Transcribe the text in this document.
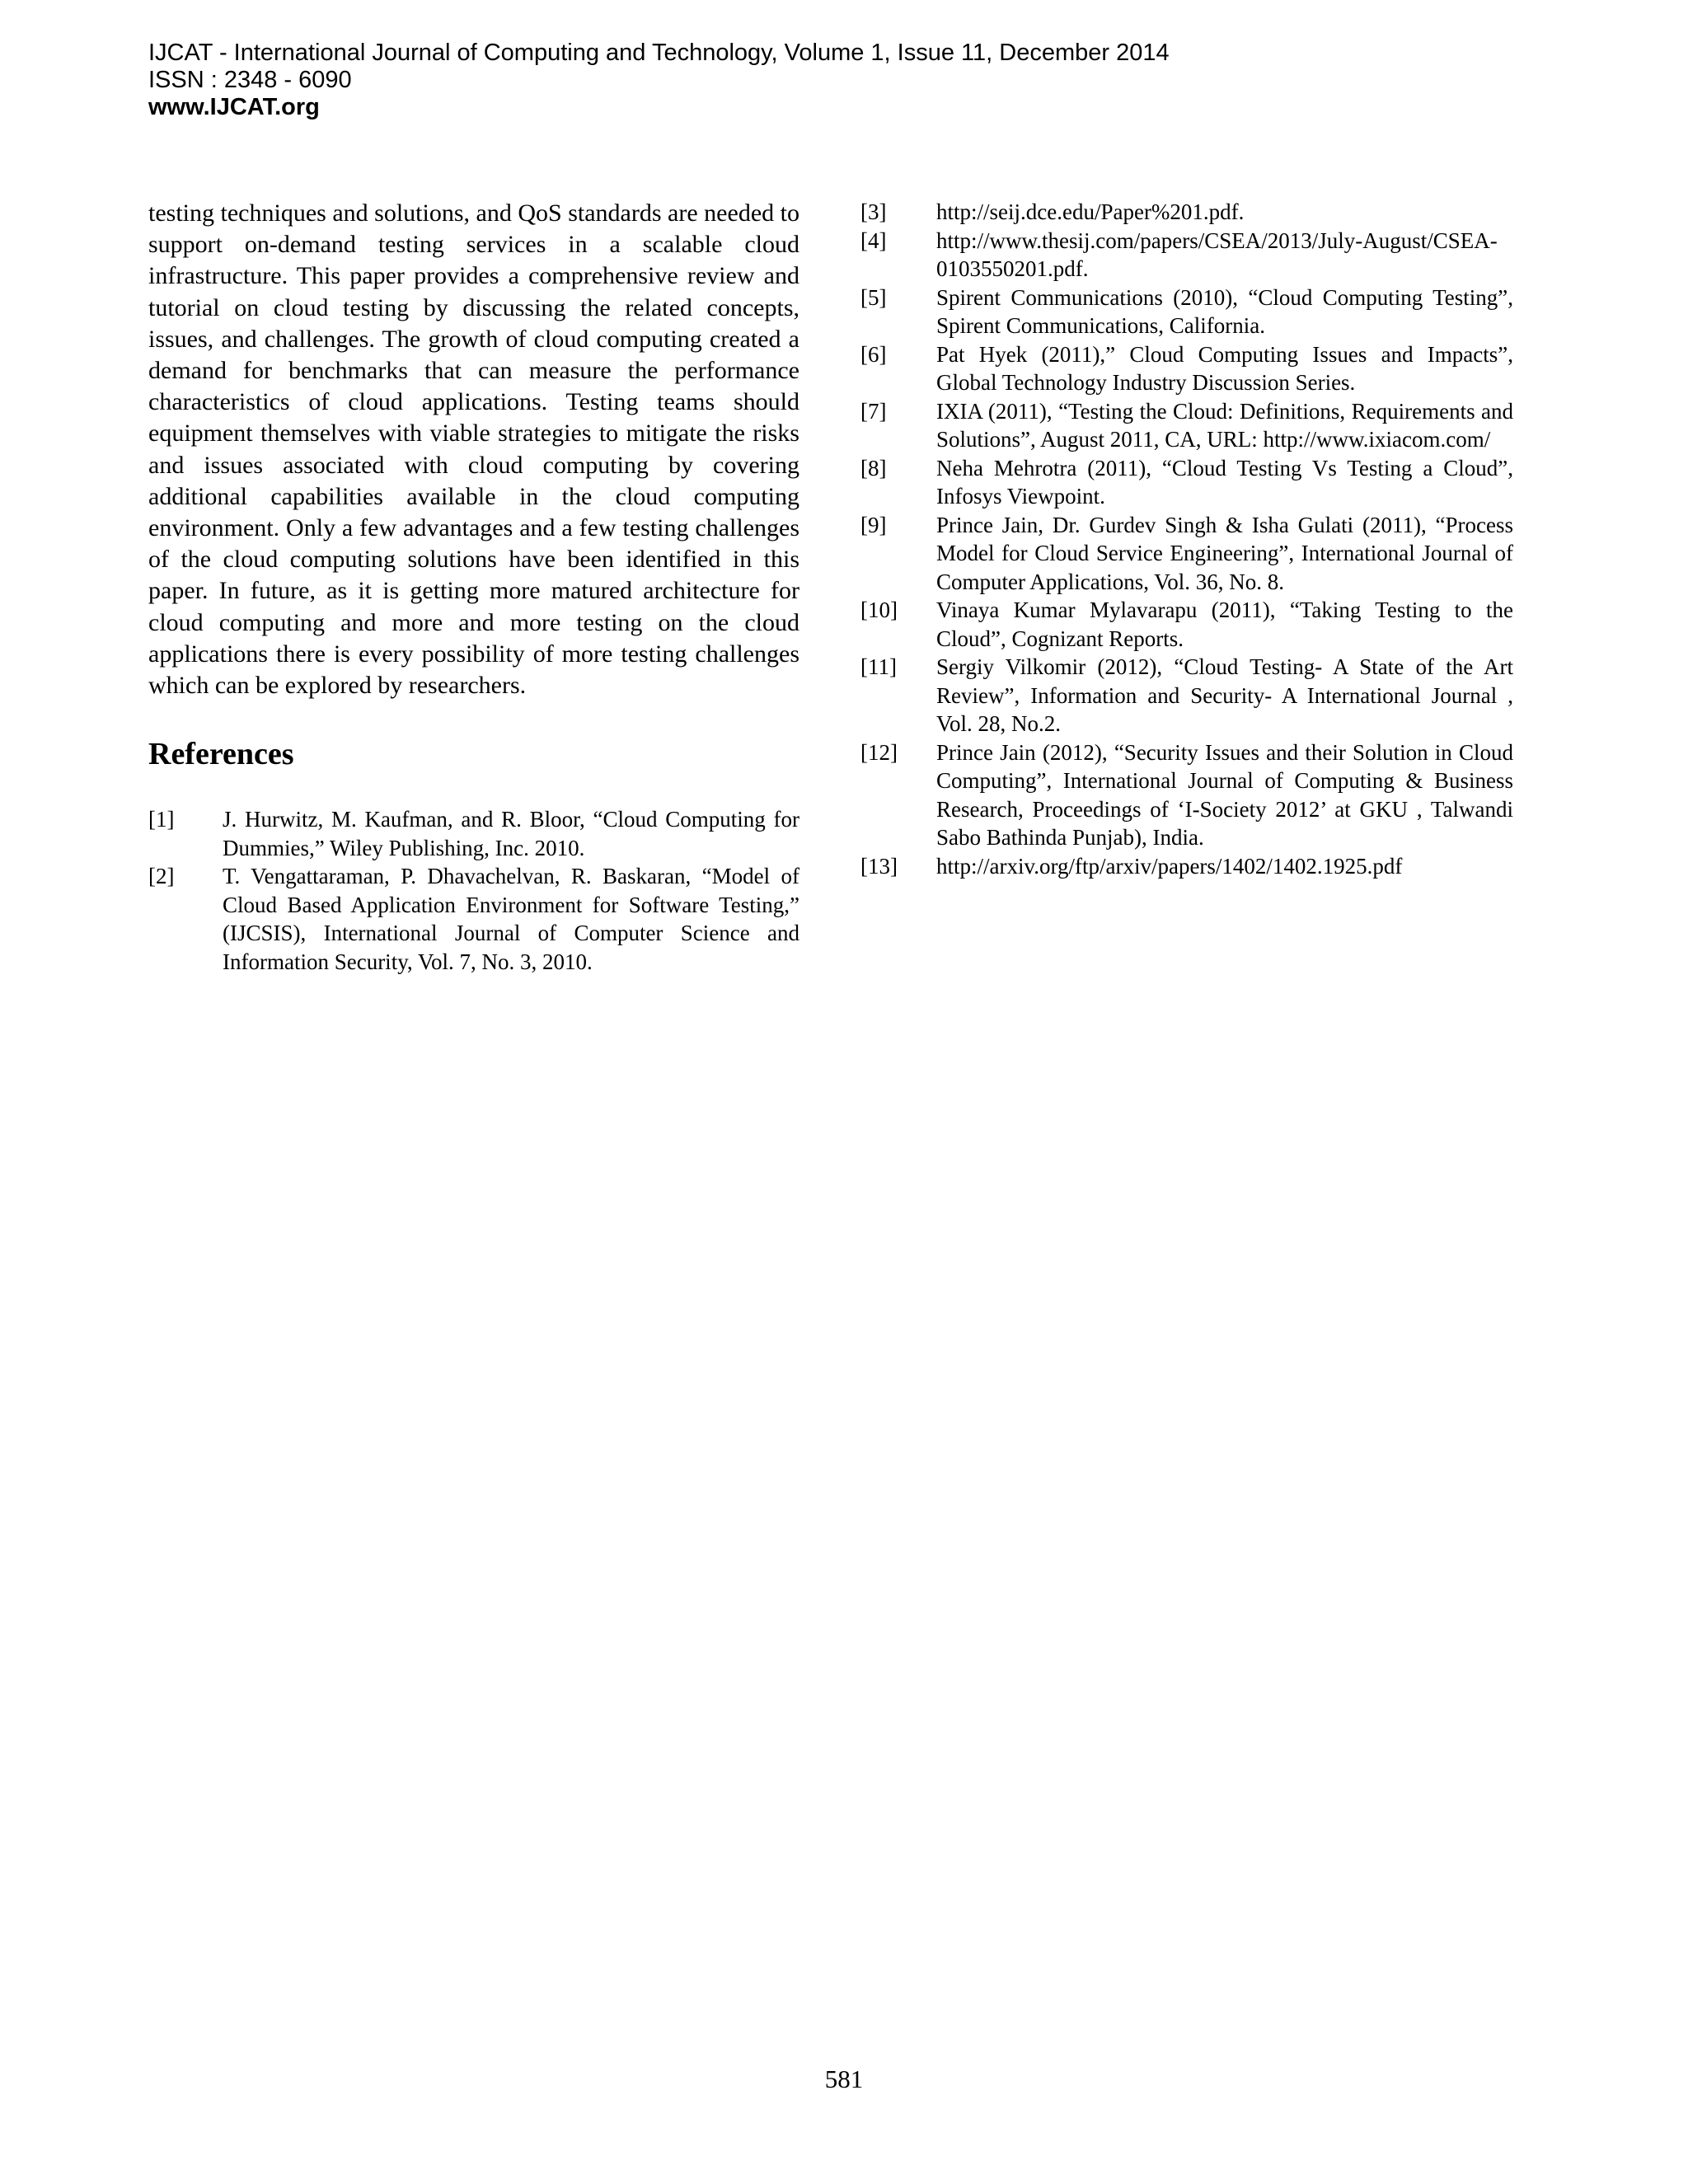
IJCAT - International Journal of Computing and Technology, Volume 1, Issue 11, December 2014
ISSN : 2348 - 6090
www.IJCAT.org

testing techniques and solutions, and QoS standards are needed to support on-demand testing services in a scalable cloud infrastructure. This paper provides a comprehensive review and tutorial on cloud testing by discussing the related concepts, issues, and challenges. The growth of cloud computing created a demand for benchmarks that can measure the performance characteristics of cloud applications. Testing teams should equipment themselves with viable strategies to mitigate the risks and issues associated with cloud computing by covering additional capabilities available in the cloud computing environment. Only a few advantages and a few testing challenges of the cloud computing solutions have been identified in this paper. In future, as it is getting more matured architecture for cloud computing and more and more testing on the cloud applications there is every possibility of more testing challenges which can be explored by researchers.

References
[1]	J. Hurwitz, M. Kaufman, and R. Bloor, “Cloud Computing for Dummies,” Wiley Publishing, Inc. 2010.
[2]	T. Vengattaraman, P. Dhavachelvan, R. Baskaran, “Model of Cloud Based Application Environment for Software Testing,” (IJCSIS), International Journal of Computer Science and Information Security, Vol. 7, No. 3, 2010.
[3]	http://seij.dce.edu/Paper%201.pdf.
[4]	http://www.thesij.com/papers/CSEA/2013/July-August/CSEA-0103550201.pdf.
[5]	Spirent Communications (2010), “Cloud Computing Testing”, Spirent Communications, California.
[6]	Pat Hyek (2011),” Cloud Computing Issues and Impacts”, Global Technology Industry Discussion Series.
[7]	IXIA (2011), “Testing the Cloud: Definitions, Requirements and Solutions”, August 2011, CA, URL: http://www.ixiacom.com/
[8]	Neha Mehrotra (2011), “Cloud Testing Vs Testing a Cloud”, Infosys Viewpoint.
[9]	Prince Jain, Dr. Gurdev Singh & Isha Gulati (2011), “Process Model for Cloud Service Engineering”, International Journal of Computer Applications, Vol. 36, No. 8.
[10]	Vinaya Kumar Mylavarapu (2011), “Taking Testing to the Cloud”, Cognizant Reports.
[11]	Sergiy Vilkomir (2012), “Cloud Testing- A State of the Art Review”, Information and Security- A International Journal , Vol. 28, No.2.
[12]	Prince Jain (2012), “Security Issues and their Solution in Cloud Computing”, International Journal of Computing & Business Research, Proceedings of ‘I-Society 2012’ at GKU , Talwandi Sabo Bathinda Punjab), India.
[13]	http://arxiv.org/ftp/arxiv/papers/1402/1402.1925.pdf
581
